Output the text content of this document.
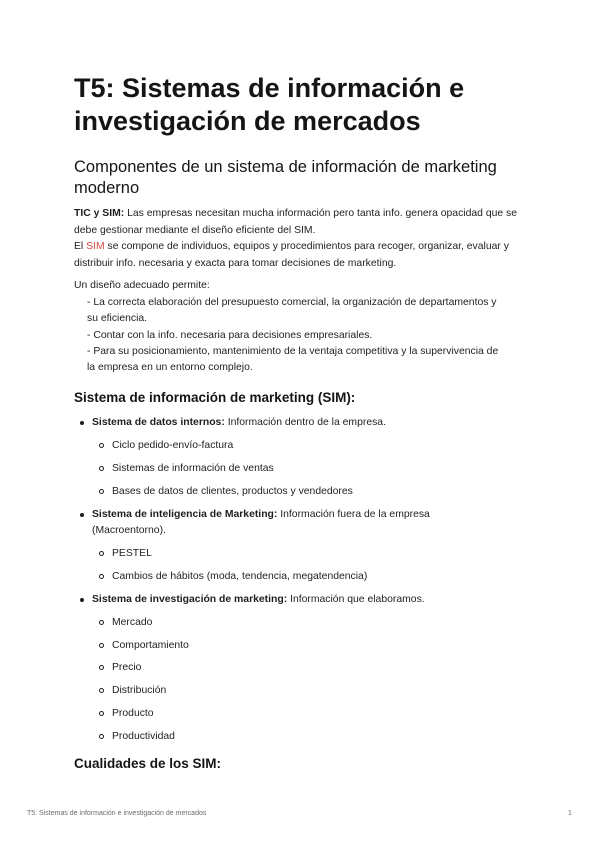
T5: Sistemas de información e investigación de mercados
Componentes de un sistema de información de marketing moderno

TIC y SIM: Las empresas necesitan mucha información pero tanta info. genera opacidad que se debe gestionar mediante el diseño eficiente del SIM.

El SIM se compone de individuos, equipos y procedimientos para recoger, organizar, evaluar y distribuir info. necesaria y exacta para tomar decisiones de marketing.

Un diseño adecuado permite:

- La correcta elaboración del presupuesto comercial, la organización de departamentos y su eficiencia.
- Contar con la info. necesaria para decisiones empresariales.
- Para su posicionamiento, mantenimiento de la ventaja competitiva y la supervivencia de la empresa en un entorno complejo.
Sistema de información de marketing (SIM):
Sistema de datos internos: Información dentro de la empresa.
Ciclo pedido-envío-factura
Sistemas de información de ventas
Bases de datos de clientes, productos y vendedores
Sistema de inteligencia de Marketing: Información fuera de la empresa (Macroentorno).
PESTEL
Cambios de hábitos (moda, tendencia, megatendencia)
Sistema de investigación de marketing: Información que elaboramos.
Mercado
Comportamiento
Precio
Distribución
Producto
Productividad
Cualidades de los SIM:
T5: Sistemas de información e investigación de mercados	1
